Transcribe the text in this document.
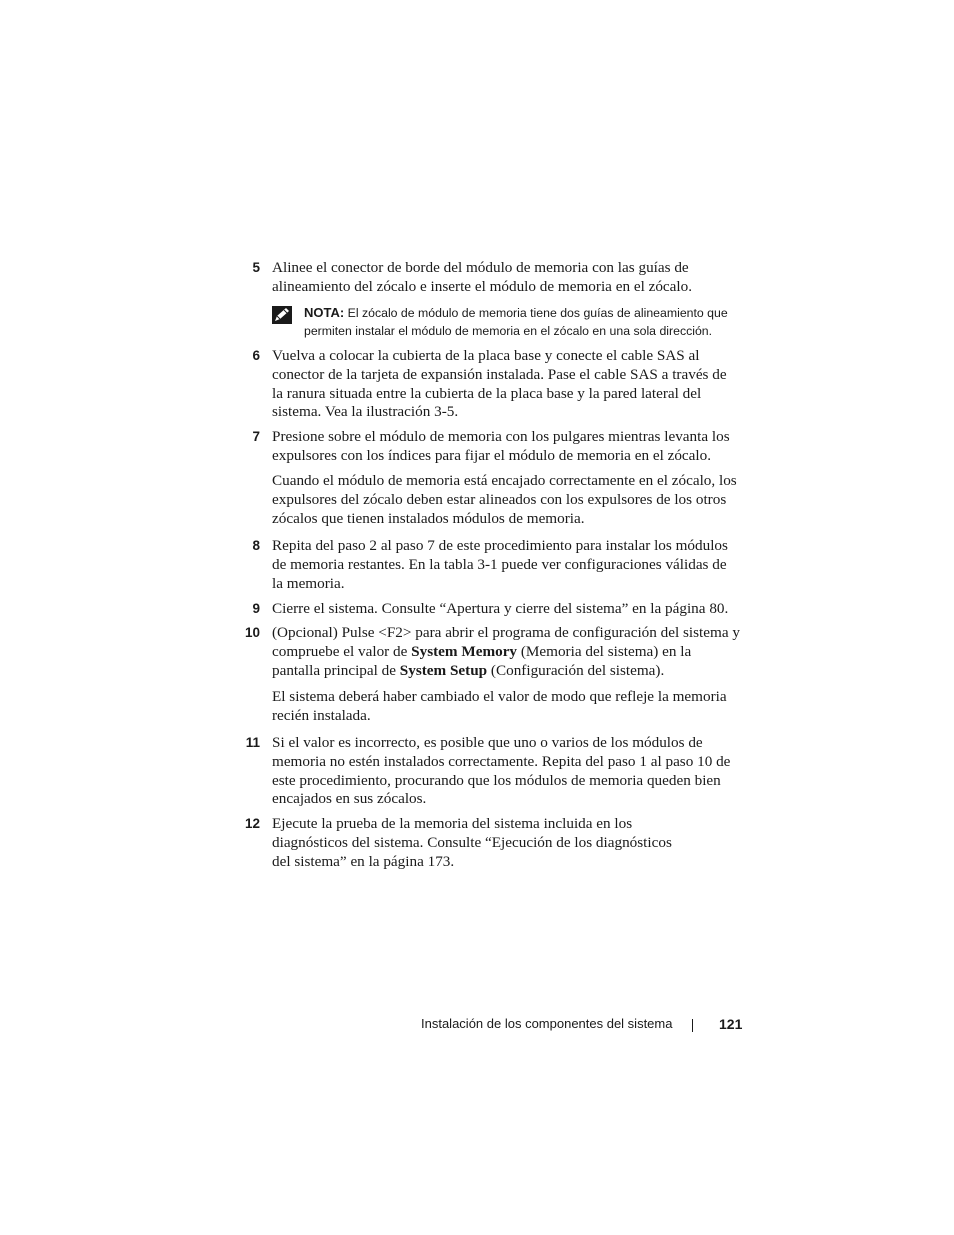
5 Alinee el conector de borde del módulo de memoria con las guías de alineamiento del zócalo e inserte el módulo de memoria en el zócalo.

NOTA: El zócalo de módulo de memoria tiene dos guías de alineamiento que permiten instalar el módulo de memoria en el zócalo en una sola dirección.
6 Vuelva a colocar la cubierta de la placa base y conecte el cable SAS al conector de la tarjeta de expansión instalada. Pase el cable SAS a través de la ranura situada entre la cubierta de la placa base y la pared lateral del sistema. Vea la ilustración 3-5.

7 Presione sobre el módulo de memoria con los pulgares mientras levanta los expulsores con los índices para fijar el módulo de memoria en el zócalo.

Cuando el módulo de memoria está encajado correctamente en el zócalo, los expulsores del zócalo deben estar alineados con los expulsores de los otros zócalos que tienen instalados módulos de memoria.

8 Repita del paso 2 al paso 7 de este procedimiento para instalar los módulos de memoria restantes. En la tabla 3-1 puede ver configuraciones válidas de la memoria.

9 Cierre el sistema. Consulte “Apertura y cierre del sistema” en la página 80.

10 (Opcional) Pulse <F2> para abrir el programa de configuración del sistema y compruebe el valor de System Memory (Memoria del sistema) en la pantalla principal de System Setup (Configuración del sistema).

El sistema deberá haber cambiado el valor de modo que refleje la memoria recién instalada.

11 Si el valor es incorrecto, es posible que uno o varios de los módulos de memoria no estén instalados correctamente. Repita del paso 1 al paso 10 de este procedimiento, procurando que los módulos de memoria queden bien encajados en sus zócalos.

12 Ejecute la prueba de la memoria del sistema incluida en los diagnósticos del sistema. Consulte “Ejecución de los diagnósticos del sistema” en la página 173.

Instalación de los componentes del sistema	121
